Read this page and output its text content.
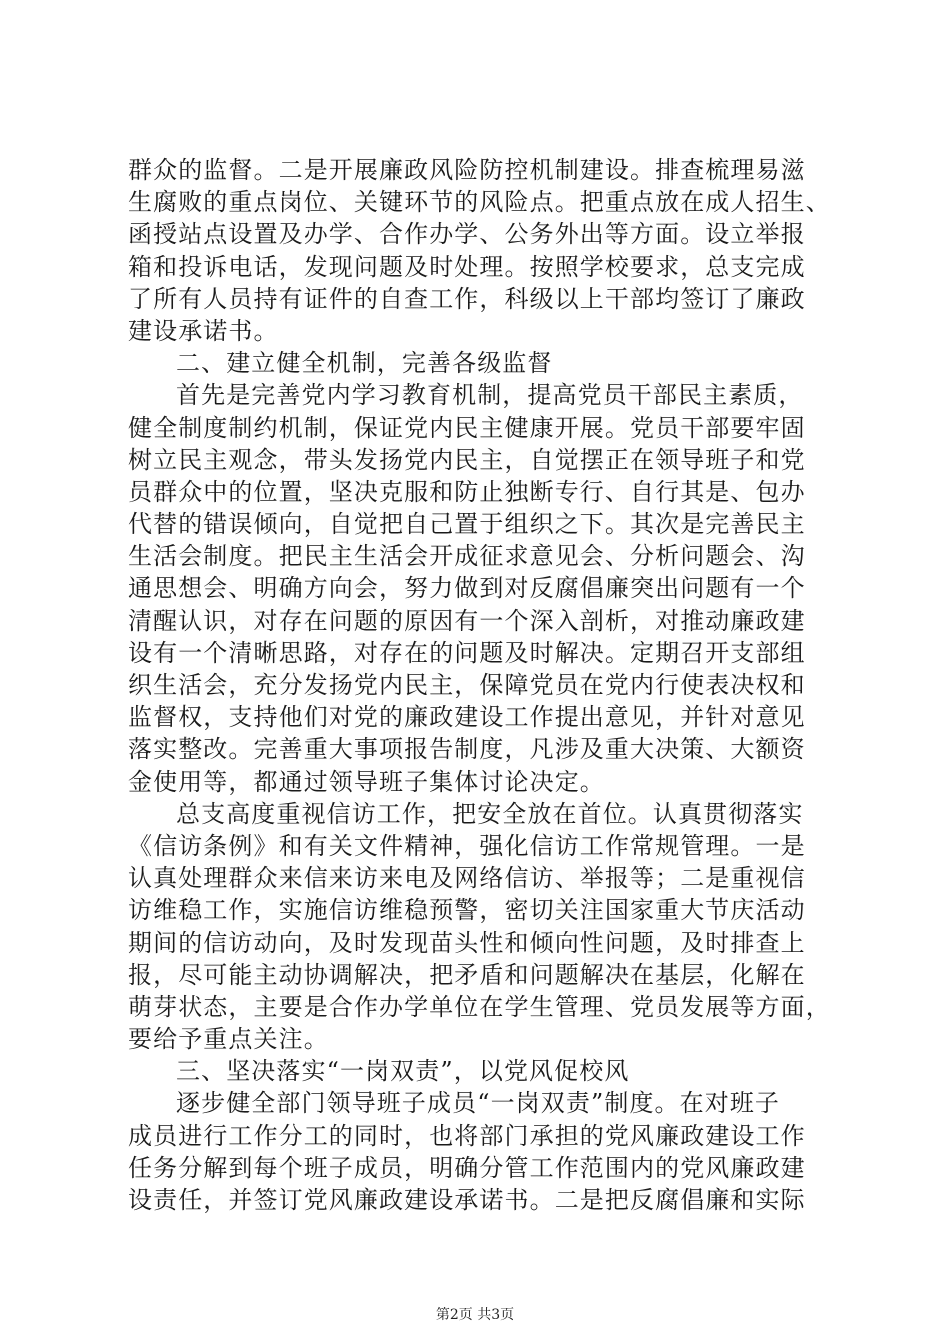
群众的监督。二是开展廉政风险防控机制建设。排查梳理易滋
生腐败的重点岗位、关键环节的风险点。把重点放在成人招生、
函授站点设置及办学、合作办学、公务外出等方面。设立举报
箱和投诉电话，发现问题及时处理。按照学校要求，总支完成
了所有人员持有证件的自查工作，科级以上干部均签订了廉政
建设承诺书。
二、建立健全机制，完善各级监督
首先是完善党内学习教育机制，提高党员干部民主素质，
健全制度制约机制，保证党内民主健康开展。党员干部要牢固
树立民主观念，带头发扬党内民主，自觉摆正在领导班子和党
员群众中的位置，坚决克服和防止独断专行、自行其是、包办
代替的错误倾向，自觉把自己置于组织之下。其次是完善民主
生活会制度。把民主生活会开成征求意见会、分析问题会、沟
通思想会、明确方向会，努力做到对反腐倡廉突出问题有一个
清醒认识，对存在问题的原因有一个深入剖析，对推动廉政建
设有一个清晰思路，对存在的问题及时解决。定期召开支部组
织生活会，充分发扬党内民主，保障党员在党内行使表决权和
监督权，支持他们对党的廉政建设工作提出意见，并针对意见
落实整改。完善重大事项报告制度，凡涉及重大决策、大额资
金使用等，都通过领导班子集体讨论决定。
总支高度重视信访工作，把安全放在首位。认真贯彻落实
《信访条例》和有关文件精神，强化信访工作常规管理。一是
认真处理群众来信来访来电及网络信访、举报等；二是重视信
访维稳工作，实施信访维稳预警，密切关注国家重大节庆活动
期间的信访动向，及时发现苗头性和倾向性问题，及时排查上
报，尽可能主动协调解决，把矛盾和问题解决在基层，化解在
萌芽状态，主要是合作办学单位在学生管理、党员发展等方面，
要给予重点关注。
三、坚决落实“一岗双责”，以党风促校风
逐步健全部门领导班子成员“一岗双责”制度。在对班子
成员进行工作分工的同时，也将部门承担的党风廉政建设工作
任务分解到每个班子成员，明确分管工作范围内的党风廉政建
设责任，并签订党风廉政建设承诺书。二是把反腐倡廉和实际
第2页 共3页
